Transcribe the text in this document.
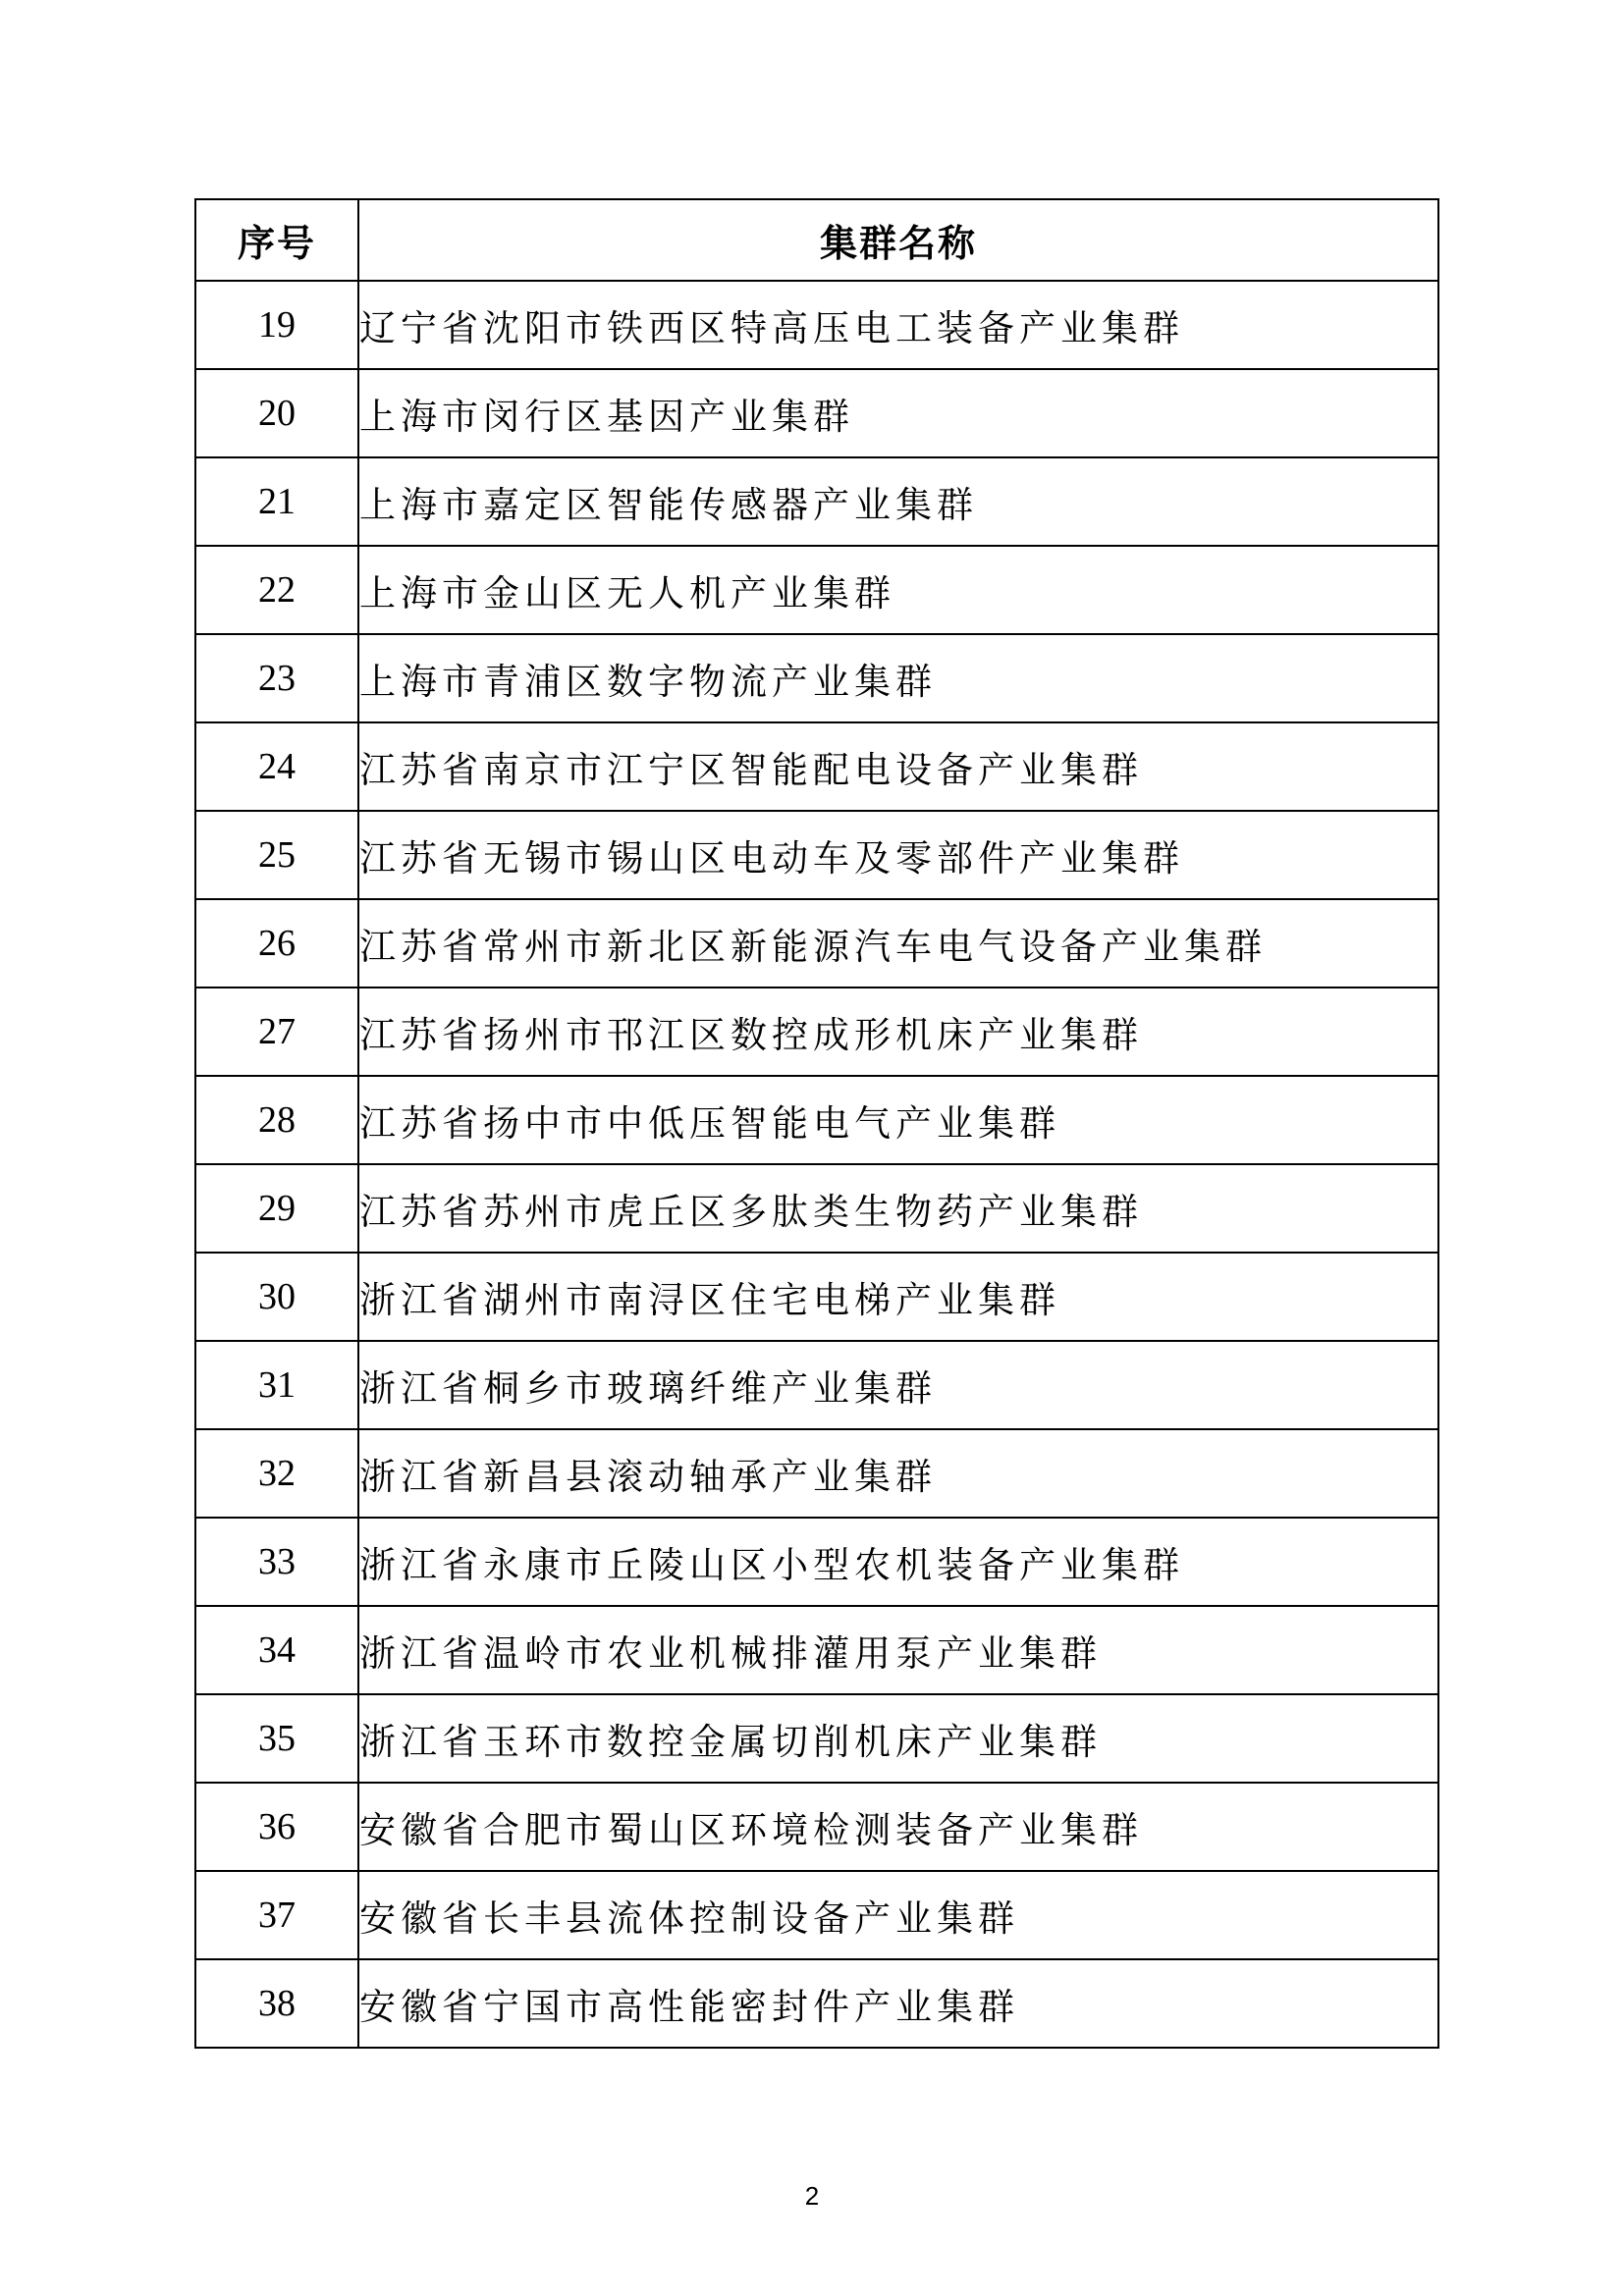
序号	集群名称
19	辽宁省沈阳市铁西区特高压电工装备产业集群
20	上海市闵行区基因产业集群
21	上海市嘉定区智能传感器产业集群
22	上海市金山区无人机产业集群
23	上海市青浦区数字物流产业集群
24	江苏省南京市江宁区智能配电设备产业集群
25	江苏省无锡市锡山区电动车及零部件产业集群
26	江苏省常州市新北区新能源汽车电气设备产业集群
27	江苏省扬州市邗江区数控成形机床产业集群
28	江苏省扬中市中低压智能电气产业集群
29	江苏省苏州市虎丘区多肽类生物药产业集群
30	浙江省湖州市南浔区住宅电梯产业集群
31	浙江省桐乡市玻璃纤维产业集群
32	浙江省新昌县滚动轴承产业集群
33	浙江省永康市丘陵山区小型农机装备产业集群
34	浙江省温岭市农业机械排灌用泵产业集群
35	浙江省玉环市数控金属切削机床产业集群
36	安徽省合肥市蜀山区环境检测装备产业集群
37	安徽省长丰县流体控制设备产业集群
38	安徽省宁国市高性能密封件产业集群
2
